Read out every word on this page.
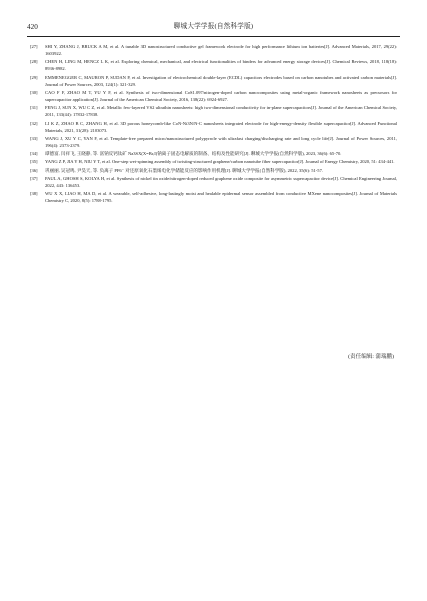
420	聊城大学学报(自然科学版)
[27] SHI Y, ZHANG J, BRUCK A M, et al. A tunable 3D nanostructured conductive gel framework electrode for high performance lithium ion batteries[J]. Advanced Materials, 2017, 29(22): 1603922.
[28] CHEN H, LING M, HENCZ L K, et al. Exploring chemical, mechanical, and electrical functionalities of binders for advanced energy storage devices[J]. Chemical Reviews, 2018, 118(18): 8936-8982.
[29] EMMENEGGER C, MAURON P, SUDAN P, et al. Investigation of electrochemical double-layer (ECDL) capacitors electrodes based on carbon nanotubes and activated carbon materials[J]. Journal of Power Sources, 2003, 124(1): 321-329.
[30] CAO F F, ZHAO M T, YU Y F, et al. Synthesis of two-dimensional CoS1.097/nitrogen-doped carbon nanocomposites using metal-organic framework nanosheets as precursors for supercapacitor application[J]. Journal of the American Chemical Society, 2016, 138(22): 6924-6927.
[31] FENG J, SUN X, WU C Z, et al. Metallic few-layered VS2 ultrathin nanosheets: high two-dimensional conductivity for in-plane supercapacitors[J]. Journal of the American Chemical Society, 2011, 133(44): 17832-17838.
[32] LI K Z, ZHAO B C, ZHANG H, et al. 3D porous honeycomb-like CoN-Ni3N/N-C nanosheets integrated electrode for high-energy-density flexible supercapacitor[J]. Advanced Functional Materials, 2021, 31(28): 2103073.
[33] WANG J, XU Y C, YAN F, et al. Template-free prepared micro/nanostructured polypyrrole with ultrafast charging/discharging rate and long cycle life[J]. Journal of Power Sources, 2011, 196(4): 2373-2379.
[34] 谭德富, 闫祥飞, 王晓静, 等. 富钠反钙钛矿 Na3SX(X=Br,I)钠离子固态电解质的制备、结构及性能研究[J]. 聊城大学学报(自然科学版), 2023, 36(6): 65-70.
[35] YANG Z P, JIA Y H, NIU Y T, et al. One-step wet-spinning assembly of twisting-structured graphene/carbon nanotube fiber supercapacitor[J]. Journal of Energy Chemistry, 2020, 51: 434-441.
[36] 巩丽丽, 吴冠鸣, 尹昊天, 等. 负离子 PF6⁻ 对还原氧化石墨烯电化学储能反应的影响作用机理[J]. 聊城大学学报(自然科学版), 2022, 35(6): 51-57.
[37] PAUL A, GHOSH S, KOLYA H, et al. Synthesis of nickel tin oxide/nitrogen-doped reduced graphene oxide composite for asymmetric supercapacitor device[J]. Chemical Engineering Journal, 2022, 443: 136453.
[38] WU X X, LIAO H, MA D, et al. A wearable, self-adhesive, long-lastingly moist and healable epidermal sensor assembled from conductive MXene nanocomposites[J]. Journal of Materials Chemistry C, 2020, 8(5): 1788-1795.
(责任编辑: 蒲瑞鹏)
